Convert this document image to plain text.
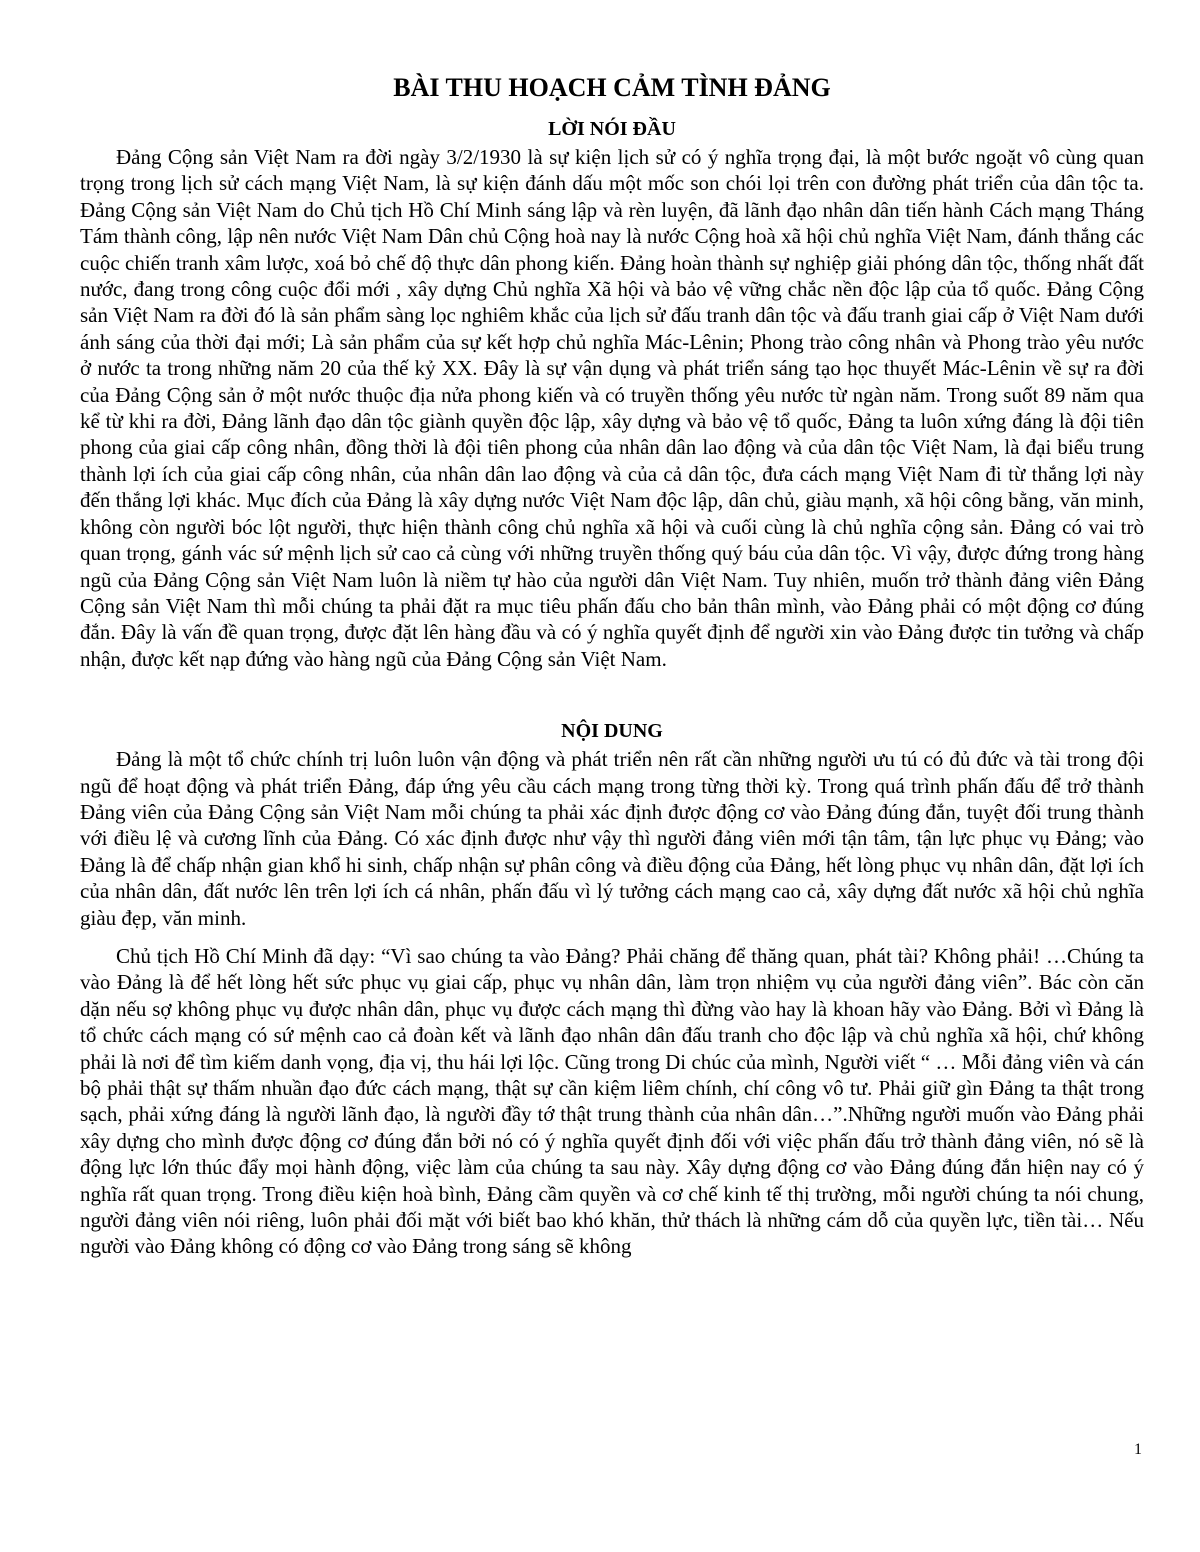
BÀI THU HOẠCH CẢM TÌNH ĐẢNG
LỜI NÓI ĐẦU

Đảng Cộng sản Việt Nam ra đời ngày 3/2/1930 là sự kiện lịch sử có ý nghĩa trọng đại, là một bước ngoặt vô cùng quan trọng trong lịch sử cách mạng Việt Nam, là sự kiện đánh dấu một mốc son chói lọi trên con đường phát triển của dân tộc ta. Đảng Cộng sản Việt Nam do Chủ tịch Hồ Chí Minh sáng lập và rèn luyện, đã lãnh đạo nhân dân tiến hành Cách mạng Tháng Tám thành công, lập nên nước Việt Nam Dân chủ Cộng hoà nay là nước Cộng hoà xã hội chủ nghĩa Việt Nam, đánh thắng các cuộc chiến tranh xâm lược, xoá bỏ chế độ thực dân phong kiến. Đảng hoàn thành sự nghiệp giải phóng dân tộc, thống nhất đất nước, đang trong công cuộc đổi mới , xây dựng Chủ nghĩa Xã hội và bảo vệ vững chắc nền độc lập của tổ quốc. Đảng Cộng sản Việt Nam ra đời đó là sản phẩm sàng lọc nghiêm khắc của lịch sử đấu tranh dân tộc và đấu tranh giai cấp ở Việt Nam dưới ánh sáng của thời đại mới; Là sản phẩm của sự kết hợp chủ nghĩa Mác-Lênin; Phong trào công nhân và Phong trào yêu nước ở nước ta trong những năm 20 của thế kỷ XX. Đây là sự vận dụng và phát triển sáng tạo học thuyết Mác-Lênin về sự ra đời của Đảng Cộng sản ở một nước thuộc địa nửa phong kiến và có truyền thống yêu nước từ ngàn năm. Trong suốt 89 năm qua kể từ khi ra đời, Đảng lãnh đạo dân tộc giành quyền độc lập, xây dựng và bảo vệ tổ quốc, Đảng ta luôn xứng đáng là đội tiên phong của giai cấp công nhân, đồng thời là đội tiên phong của nhân dân lao động và của dân tộc Việt Nam, là đại biểu trung thành lợi ích của giai cấp công nhân, của nhân dân lao động và của cả dân tộc, đưa cách mạng Việt Nam đi từ thắng lợi này đến thắng lợi khác. Mục đích của Đảng là xây dựng nước Việt Nam độc lập, dân chủ, giàu mạnh, xã hội công bằng, văn minh, không còn người bóc lột người, thực hiện thành công chủ nghĩa xã hội và cuối cùng là chủ nghĩa cộng sản. Đảng có vai trò quan trọng, gánh vác sứ mệnh lịch sử cao cả cùng với những truyền thống quý báu của dân tộc. Vì vậy, được đứng trong hàng ngũ của Đảng Cộng sản Việt Nam luôn là niềm tự hào của người dân Việt Nam. Tuy nhiên, muốn trở thành đảng viên Đảng Cộng sản Việt Nam thì mỗi chúng ta phải đặt ra mục tiêu phấn đấu cho bản thân mình, vào Đảng phải có một động cơ đúng đắn. Đây là vấn đề quan trọng, được đặt lên hàng đầu và có ý nghĩa quyết định để người xin vào Đảng được tin tưởng và chấp nhận, được kết nạp đứng vào hàng ngũ của Đảng Cộng sản Việt Nam.

NỘI DUNG

Đảng là một tổ chức chính trị luôn luôn vận động và phát triển nên rất cần những người ưu tú có đủ đức và tài trong đội ngũ để hoạt động và phát triển Đảng, đáp ứng yêu cầu cách mạng trong từng thời kỳ. Trong quá trình phấn đấu để trở thành Đảng viên của Đảng Cộng sản Việt Nam mỗi chúng ta phải xác định được động cơ vào Đảng đúng đắn, tuyệt đối trung thành với điều lệ và cương lĩnh của Đảng. Có xác định được như vậy thì người đảng viên mới tận tâm, tận lực phục vụ Đảng; vào Đảng là để chấp nhận gian khổ hi sinh, chấp nhận sự phân công và điều động của Đảng, hết lòng phục vụ nhân dân, đặt lợi ích của nhân dân, đất nước lên trên lợi ích cá nhân, phấn đấu vì lý tưởng cách mạng cao cả, xây dựng đất nước xã hội chủ nghĩa giàu đẹp, văn minh.

Chủ tịch Hồ Chí Minh đã dạy: “Vì sao chúng ta vào Đảng? Phải chăng để thăng quan, phát tài? Không phải! …Chúng ta vào Đảng là để hết lòng hết sức phục vụ giai cấp, phục vụ nhân dân, làm trọn nhiệm vụ của người đảng viên”. Bác còn căn dặn nếu sợ không phục vụ được nhân dân, phục vụ được cách mạng thì đừng vào hay là khoan hãy vào Đảng. Bởi vì Đảng là tổ chức cách mạng có sứ mệnh cao cả đoàn kết và lãnh đạo nhân dân đấu tranh cho độc lập và chủ nghĩa xã hội, chứ không phải là nơi để tìm kiếm danh vọng, địa vị, thu hái lợi lộc. Cũng trong Di chúc của mình, Người viết “ … Mỗi đảng viên và cán bộ phải thật sự thấm nhuần đạo đức cách mạng, thật sự cần kiệm liêm chính, chí công vô tư. Phải giữ gìn Đảng ta thật trong sạch, phải xứng đáng là người lãnh đạo, là người đầy tớ thật trung thành của nhân dân…”.Những người muốn vào Đảng phải xây dựng cho mình được động cơ đúng đắn bởi nó có ý nghĩa quyết định đối với việc phấn đấu trở thành đảng viên, nó sẽ là động lực lớn thúc đẩy mọi hành động, việc làm của chúng ta sau này. Xây dựng động cơ vào Đảng đúng đắn hiện nay có ý nghĩa rất quan trọng. Trong điều kiện hoà bình, Đảng cầm quyền và cơ chế kinh tế thị trường, mỗi người chúng ta nói chung, người đảng viên nói riêng, luôn phải đối mặt với biết bao khó khăn, thử thách là những cám dỗ của quyền lực, tiền tài… Nếu người vào Đảng không có động cơ vào Đảng trong sáng sẽ không

1
